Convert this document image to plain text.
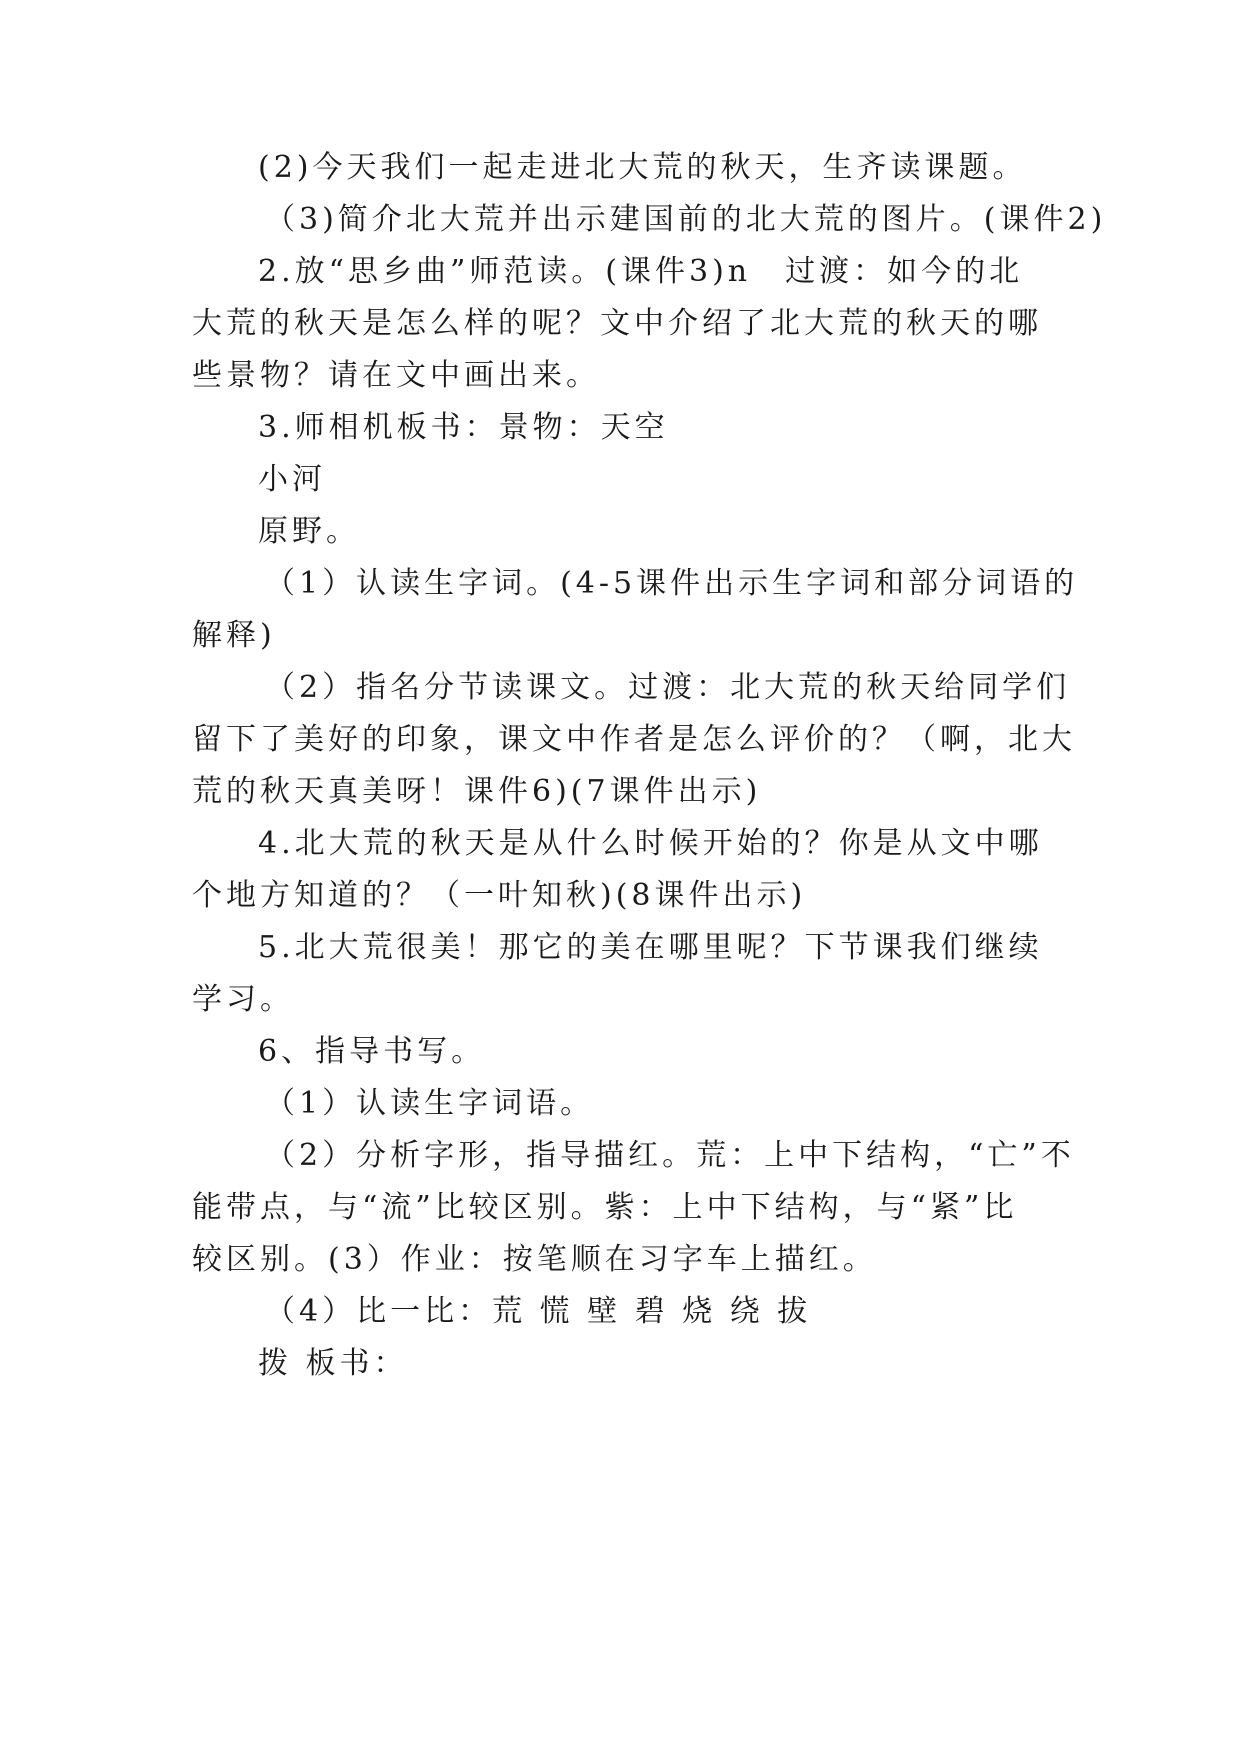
(2)今天我们一起走进北大荒的秋天，生齐读课题。
（3)简介北大荒并出示建国前的北大荒的图片。(课件2)
2.放“思乡曲”师范读。(课件3)n　过渡：如今的北
大荒的秋天是怎么样的呢？文中介绍了北大荒的秋天的哪
些景物？请在文中画出来。
3.师相机板书：景物：天空
小河
原野。
（1）认读生字词。(4-5课件出示生字词和部分词语的
解释)
（2）指名分节读课文。过渡：北大荒的秋天给同学们
留下了美好的印象，课文中作者是怎么评价的？（啊，北大
荒的秋天真美呀！课件6)(7课件出示)
4.北大荒的秋天是从什么时候开始的？你是从文中哪
个地方知道的？（一叶知秋)(8课件出示)
5.北大荒很美！那它的美在哪里呢？下节课我们继续
学习。
6、指导书写。
（1）认读生字词语。
（2）分析字形，指导描红。荒：上中下结构，“亡”不
能带点，与“流”比较区别。紫：上中下结构，与“紧”比
较区别。(3）作业：按笔顺在习字车上描红。
（4）比一比：荒 慌 壁 碧 烧 绕 拔
拨 板书：
